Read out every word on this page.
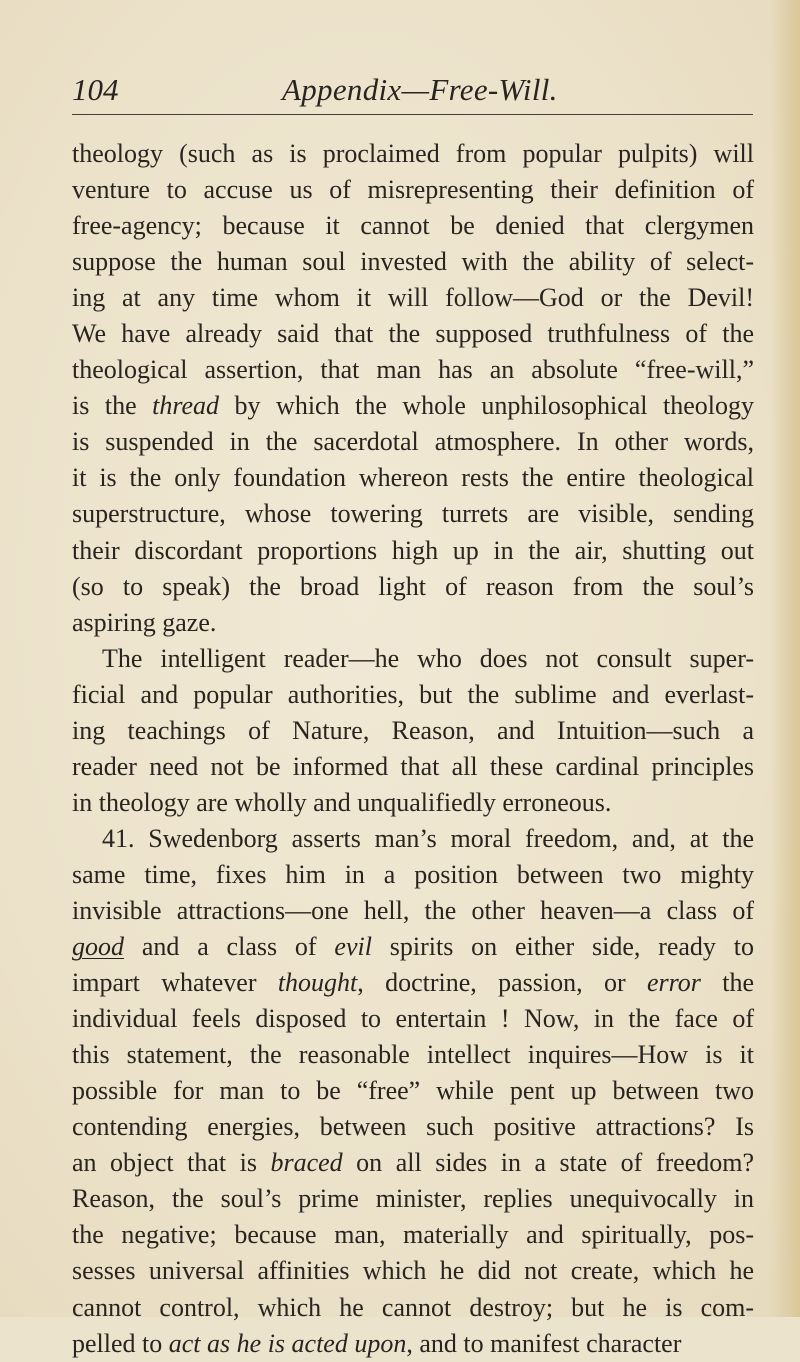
104	Appendix—Free-Will.
theology (such as is proclaimed from popular pulpits) will
venture to accuse us of misrepresenting their definition of
free-agency; because it cannot be denied that clergymen
suppose the human soul invested with the ability of select-
ing at any time whom it will follow—God or the Devil!
We have already said that the supposed truthfulness of the
theological assertion, that man has an absolute “free-will,”
is the thread by which the whole unphilosophical theology
is suspended in the sacerdotal atmosphere. In other words,
it is the only foundation whereon rests the entire theological
superstructure, whose towering turrets are visible, sending
their discordant proportions high up in the air, shutting out
(so to speak) the broad light of reason from the soul’s
aspiring gaze.
The intelligent reader—he who does not consult super-
ficial and popular authorities, but the sublime and everlast-
ing teachings of Nature, Reason, and Intuition—such a
reader need not be informed that all these cardinal principles
in theology are wholly and unqualifiedly erroneous.
41. Swedenborg asserts man’s moral freedom, and, at the
same time, fixes him in a position between two mighty
invisible attractions—one hell, the other heaven—a class of
good and a class of evil spirits on either side, ready to
impart whatever thought, doctrine, passion, or error the
individual feels disposed to entertain ! Now, in the face of
this statement, the reasonable intellect inquires—How is it
possible for man to be “free” while pent up between two
contending energies, between such positive attractions? Is
an object that is braced on all sides in a state of freedom?
Reason, the soul’s prime minister, replies unequivocally in
the negative; because man, materially and spiritually, pos-
sesses universal affinities which he did not create, which he
cannot control, which he cannot destroy; but he is com-
pelled to act as he is acted upon, and to manifest character
